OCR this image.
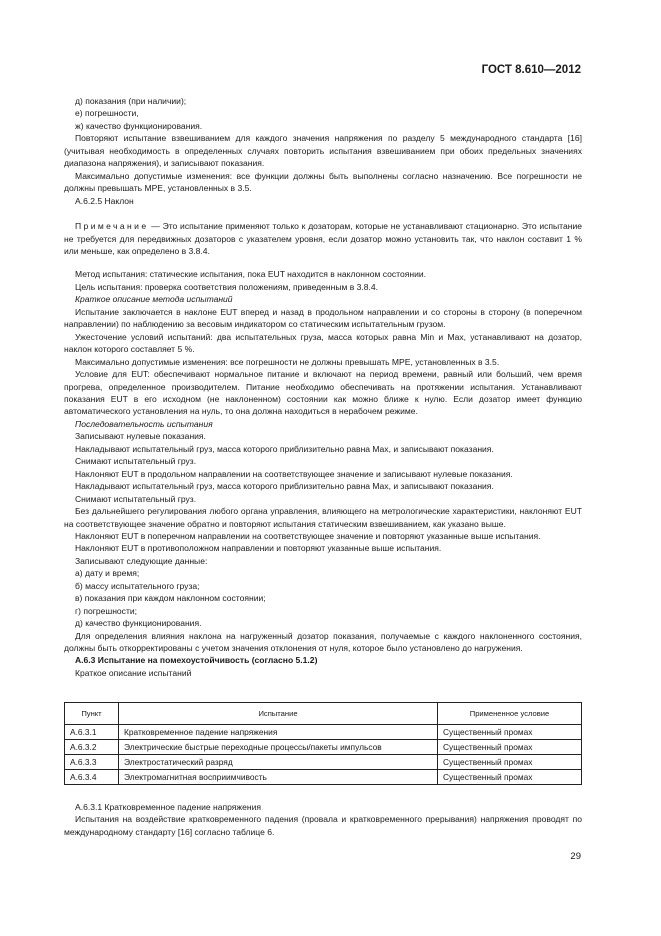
ГОСТ 8.610—2012

д) показания (при наличии);

е) погрешности,

ж) качество функционирования.

Повторяют испытание взвешиванием для каждого значения напряжения по разделу 5 международного стандарта [16] (учитывая необходимость в определенных случаях повторить испытания взвешиванием при обоих предельных значениях диапазона напряжения), и записывают показания.

Максимально допустимые изменения: все функции должны быть выполнены согласно назначению. Все погрешности не должны превышать МРЕ, установленных в 3.5.

А.6.2.5 Наклон

Примечание — Это испытание применяют только к дозаторам, которые не устанавливают стационарно. Это испытание не требуется для передвижных дозаторов с указателем уровня, если дозатор можно установить так, что наклон составит 1 % или меньше, как определено в 3.8.4.

Метод испытания: статические испытания, пока EUT находится в наклонном состоянии.

Цель испытания: проверка соответствия положениям, приведенным в 3.8.4.

Краткое описание метода испытаний

Испытание заключается в наклоне EUT вперед и назад в продольном направлении и со стороны в сторону (в поперечном направлении) по наблюдению за весовым индикатором со статическим испытательным грузом.

Ужесточение условий испытаний: два испытательных груза, масса которых равна Min и Max, устанавливают на дозатор, наклон которого составляет 5 %.

Максимально допустимые изменения: все погрешности не должны превышать МРЕ, установленных в 3.5.

Условие для EUT: обеспечивают нормальное питание и включают на период времени, равный или больший, чем время прогрева, определенное производителем. Питание необходимо обеспечивать на протяжении испытания. Устанавливают показания EUT в его исходном (не наклоненном) состоянии как можно ближе к нулю. Если дозатор имеет функцию автоматического установления на нуль, то она должна находиться в нерабочем режиме.

Последовательность испытания

Записывают нулевые показания.

Накладывают испытательный груз, масса которого приблизительно равна Max, и записывают показания.

Снимают испытательный груз.

Наклоняют EUT в продольном направлении на соответствующее значение и записывают нулевые показания.

Накладывают испытательный груз, масса которого приблизительно равна Max, и записывают показания.

Снимают испытательный груз.

Без дальнейшего регулирования любого органа управления, влияющего на метрологические характеристики, наклоняют EUT на соответствующее значение обратно и повторяют испытания статическим взвешиванием, как указано выше.

Наклоняют EUT в поперечном направлении на соответствующее значение и повторяют указанные выше испытания.

Наклоняют EUT в противоположном направлении и повторяют указанные выше испытания.

Записывают следующие данные:

а) дату и время;

б) массу испытательного груза;

в) показания при каждом наклонном состоянии;

г) погрешности;

д) качество функционирования.

Для определения влияния наклона на нагруженный дозатор показания, получаемые с каждого наклоненного состояния, должны быть откорректированы с учетом значения отклонения от нуля, которое было установлено до нагружения.

А.6.3 Испытание на помехоустойчивость (согласно 5.1.2)

Краткое описание испытаний

Пункт	Испытание	Примененное условие
А.6.3.1	Кратковременное падение напряжения	Существенный промах
А.6.3.2	Электрические быстрые переходные процессы/пакеты импульсов	Существенный промах
А.6.3.3	Электростатический разряд	Существенный промах
А.6.3.4	Электромагнитная восприимчивость	Существенный промах

А.6.3.1 Кратковременное падение напряжения

Испытания на воздействие кратковременного падения (провала и кратковременного прерывания) напряжения проводят по международному стандарту [16] согласно таблице 6.

29
